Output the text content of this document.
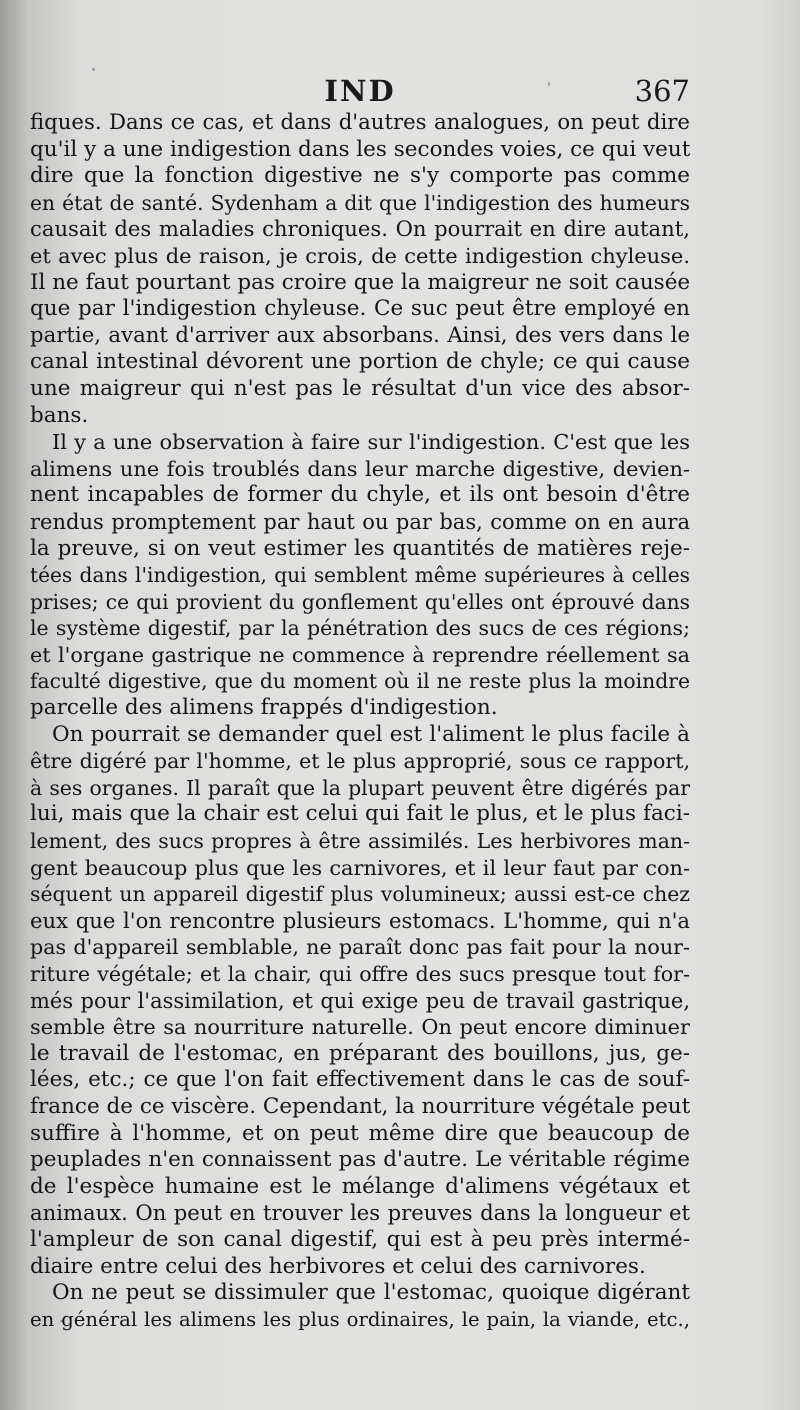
IND	367
fiques. Dans ce cas, et dans d'autres analogues, on peut dire
qu'il y a une indigestion dans les secondes voies, ce qui veut
dire que la fonction digestive ne s'y comporte pas comme
en état de santé. Sydenham a dit que l'indigestion des humeurs
causait des maladies chroniques. On pourrait en dire autant,
et avec plus de raison, je crois, de cette indigestion chyleuse.
Il ne faut pourtant pas croire que la maigreur ne soit causée
que par l'indigestion chyleuse. Ce suc peut être employé en
partie, avant d'arriver aux absorbans. Ainsi, des vers dans le
canal intestinal dévorent une portion de chyle; ce qui cause
une maigreur qui n'est pas le résultat d'un vice des absor-
bans.
Il y a une observation à faire sur l'indigestion. C'est que les
alimens une fois troublés dans leur marche digestive, devien-
nent incapables de former du chyle, et ils ont besoin d'être
rendus promptement par haut ou par bas, comme on en aura
la preuve, si on veut estimer les quantités de matières reje-
tées dans l'indigestion, qui semblent même supérieures à celles
prises; ce qui provient du gonflement qu'elles ont éprouvé dans
le système digestif, par la pénétration des sucs de ces régions;
et l'organe gastrique ne commence à reprendre réellement sa
faculté digestive, que du moment où il ne reste plus la moindre
parcelle des alimens frappés d'indigestion.
On pourrait se demander quel est l'aliment le plus facile à
être digéré par l'homme, et le plus approprié, sous ce rapport,
à ses organes. Il paraît que la plupart peuvent être digérés par
lui, mais que la chair est celui qui fait le plus, et le plus faci-
lement, des sucs propres à être assimilés. Les herbivores man-
gent beaucoup plus que les carnivores, et il leur faut par con-
séquent un appareil digestif plus volumineux; aussi est-ce chez
eux que l'on rencontre plusieurs estomacs. L'homme, qui n'a
pas d'appareil semblable, ne paraît donc pas fait pour la nour-
riture végétale; et la chair, qui offre des sucs presque tout for-
més pour l'assimilation, et qui exige peu de travail gastrique,
semble être sa nourriture naturelle. On peut encore diminuer
le travail de l'estomac, en préparant des bouillons, jus, ge-
lées, etc.; ce que l'on fait effectivement dans le cas de souf-
france de ce viscère. Cependant, la nourriture végétale peut
suffire à l'homme, et on peut même dire que beaucoup de
peuplades n'en connaissent pas d'autre. Le véritable régime
de l'espèce humaine est le mélange d'alimens végétaux et
animaux. On peut en trouver les preuves dans la longueur et
l'ampleur de son canal digestif, qui est à peu près intermé-
diaire entre celui des herbivores et celui des carnivores.
On ne peut se dissimuler que l'estomac, quoique digérant
en général les alimens les plus ordinaires, le pain, la viande, etc.,
